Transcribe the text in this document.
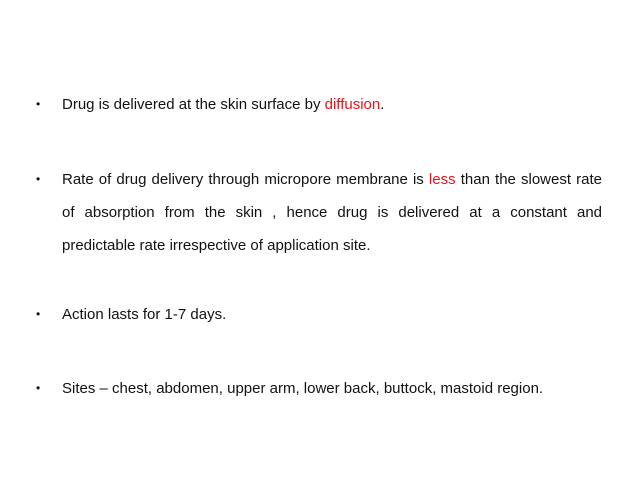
• Drug is delivered at the skin surface by diffusion.
• Rate of drug delivery through micropore membrane is less than the slowest rate of absorption from the skin , hence drug is delivered at a constant and predictable rate irrespective of application site.
• Action lasts for 1-7 days.
• Sites – chest, abdomen, upper arm, lower back, buttock, mastoid region.
